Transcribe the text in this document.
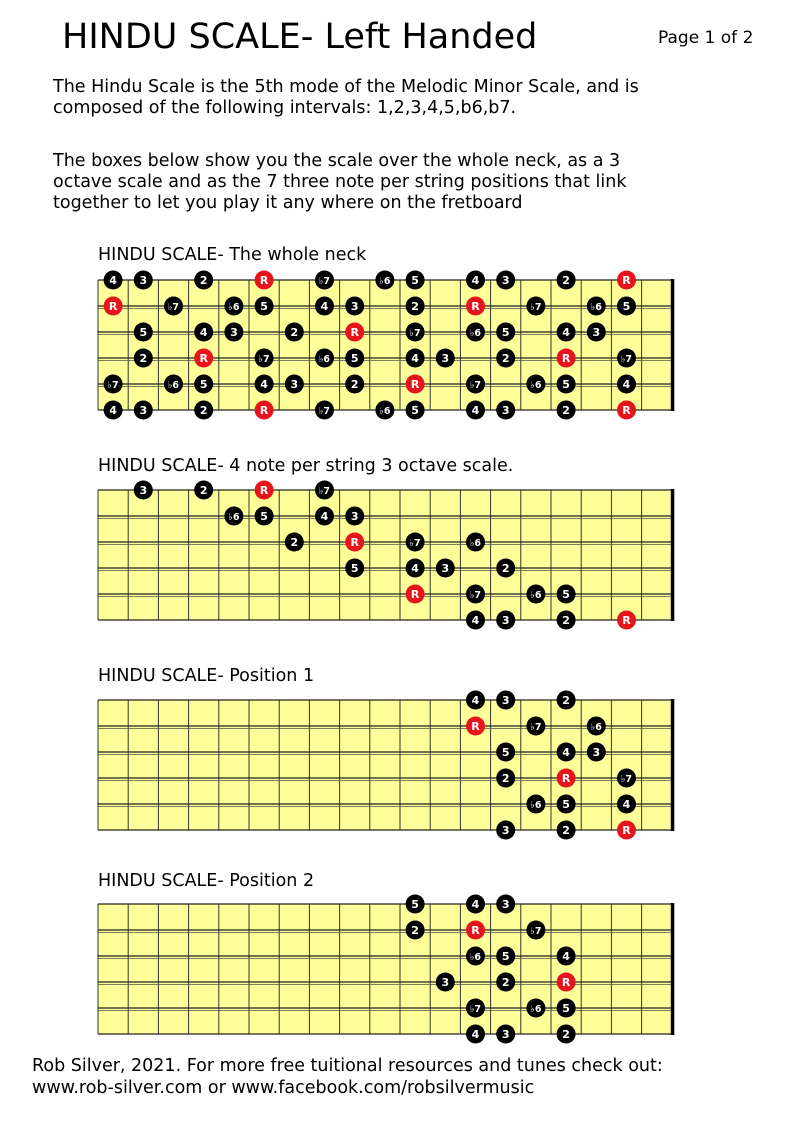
HINDU SCALE- Left Handed	Page 1 of 2

The Hindu Scale is the 5th mode of the Melodic Minor Scale, and is
composed of the following intervals: 1,2,3,4,5,b6,b7.

The boxes below show you the scale over the whole neck, as a 3
octave scale and as the 7 three note per string positions that link
together to let you play it any where on the fretboard

HINDU SCALE- The whole neck
4 3	2	R	♭7	♭6 5	4 3	2	R
R	♭7	♭6 5	4 3	2	R	♭7	♭6 5
5	4 3	2	R	♭7	♭6 5	4 3
2	R	♭7	♭6 5	4 3	2	R	♭7
♭7	♭6 5	4 3	2	R	♭7	♭6 5	4
4 3	2	R	♭7	♭6 5	4 3	2	R
HINDU SCALE- 4 note per string 3 octave scale.
3	2	R	♭7
♭6 5	4 3
2	R	♭7	♭6
5	4 3	2
R	♭7	♭6 5
4 3	2	R
HINDU SCALE- Position 1
4 3	2
R	♭7	♭6
5	4 3
2	R	♭7
♭6 5	4
3	2	R
HINDU SCALE- Position 2
5	4 3
2	R	♭7
♭6 5	4
3	2	R
♭7	♭6 5
4 3	2

Rob Silver, 2021. For more free tuitional resources and tunes check out:
www.rob-silver.com or www.facebook.com/robsilvermusic
